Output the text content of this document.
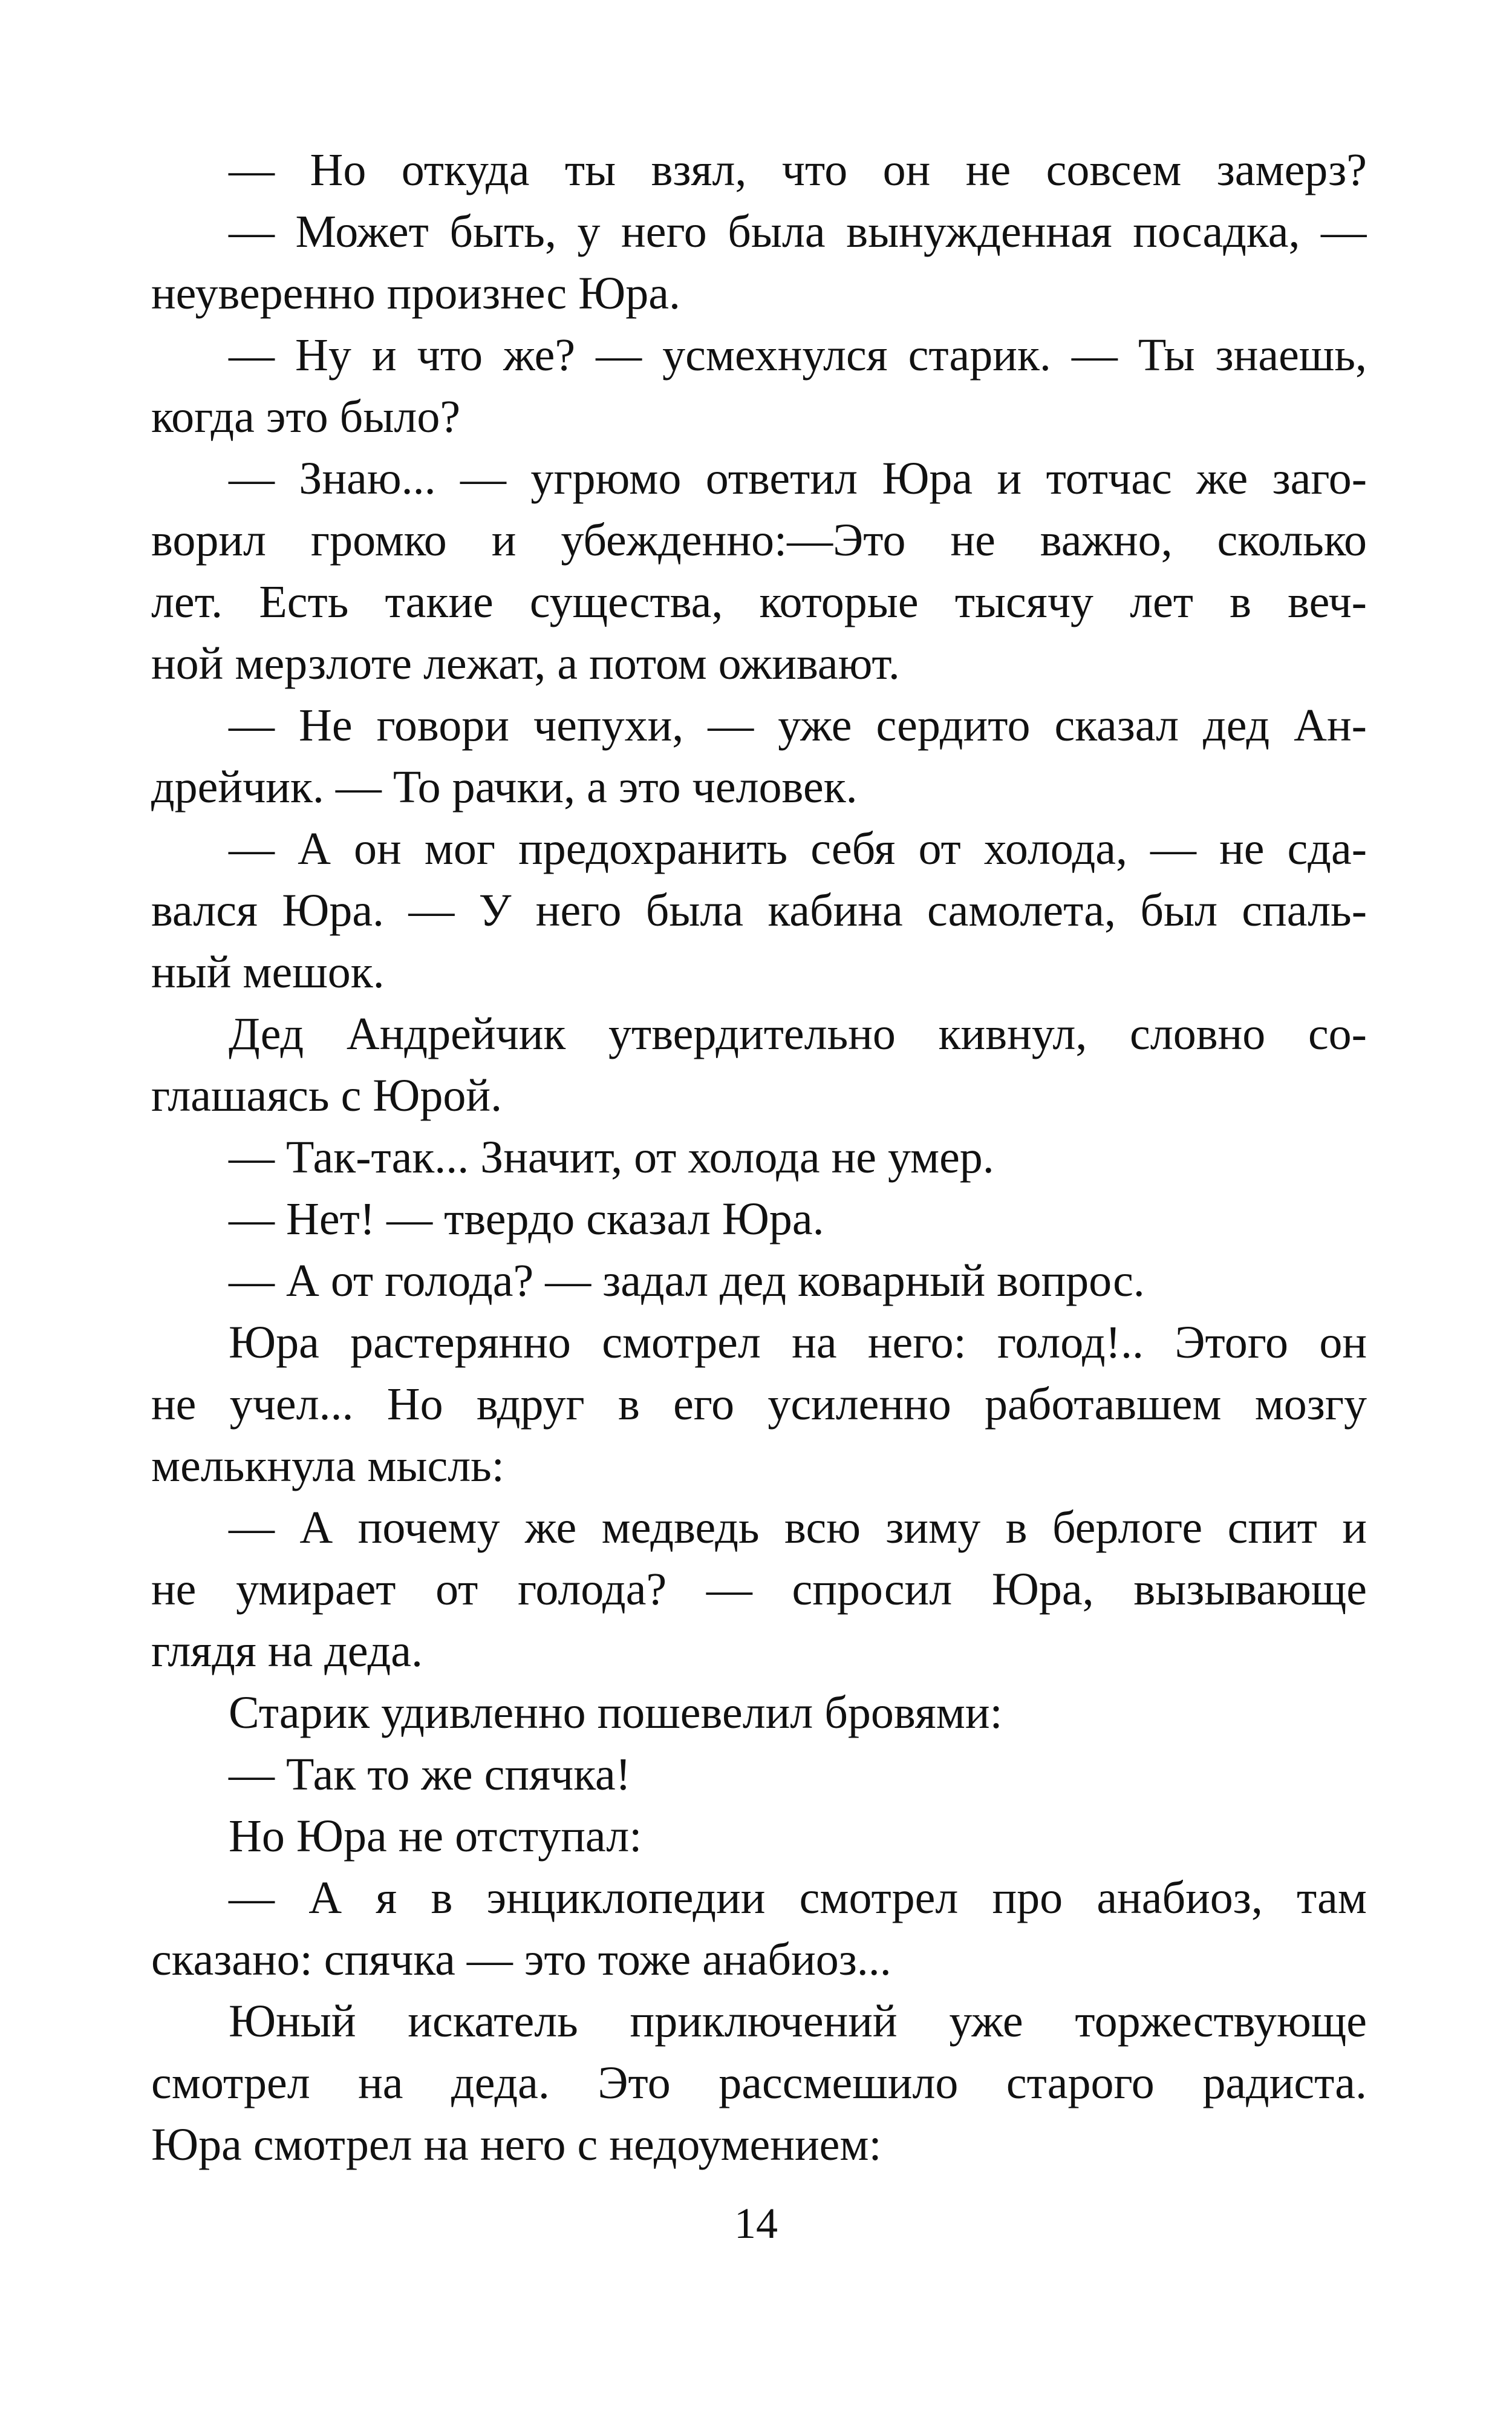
— Но откуда ты взял, что он не совсем замерз?
— Может быть, у него была вынужденная посадка, —
неуверенно произнес Юра.
— Ну и что же? — усмехнулся старик. — Ты знаешь,
когда это было?
— Знаю... — угрюмо ответил Юра и тотчас же заго-
ворил громко и убежденно:—Это не важно, сколько
лет. Есть такие существа, которые тысячу лет в веч-
ной мерзлоте лежат, а потом оживают.
— Не говори чепухи, — уже сердито сказал дед Ан-
дрейчик. — То рачки, а это человек.
— А он мог предохранить себя от холода, — не сда-
вался Юра. — У него была кабина самолета, был спаль-
ный мешок.
Дед Андрейчик утвердительно кивнул, словно со-
глашаясь с Юрой.
— Так-так... Значит, от холода не умер.
— Нет! — твердо сказал Юра.
— А от голода? — задал дед коварный вопрос.
Юра растерянно смотрел на него: голод!.. Этого он
не учел... Но вдруг в его усиленно работавшем мозгу
мелькнула мысль:
— А почему же медведь всю зиму в берлоге спит и
не умирает от голода? — спросил Юра, вызывающе
глядя на деда.
Старик удивленно пошевелил бровями:
— Так то же спячка!
Но Юра не отступал:
— А я в энциклопедии смотрел про анабиоз, там
сказано: спячка — это тоже анабиоз...
Юный искатель приключений уже торжествующе
смотрел на деда. Это рассмешило старого радиста.
Юра смотрел на него с недоумением:
14
